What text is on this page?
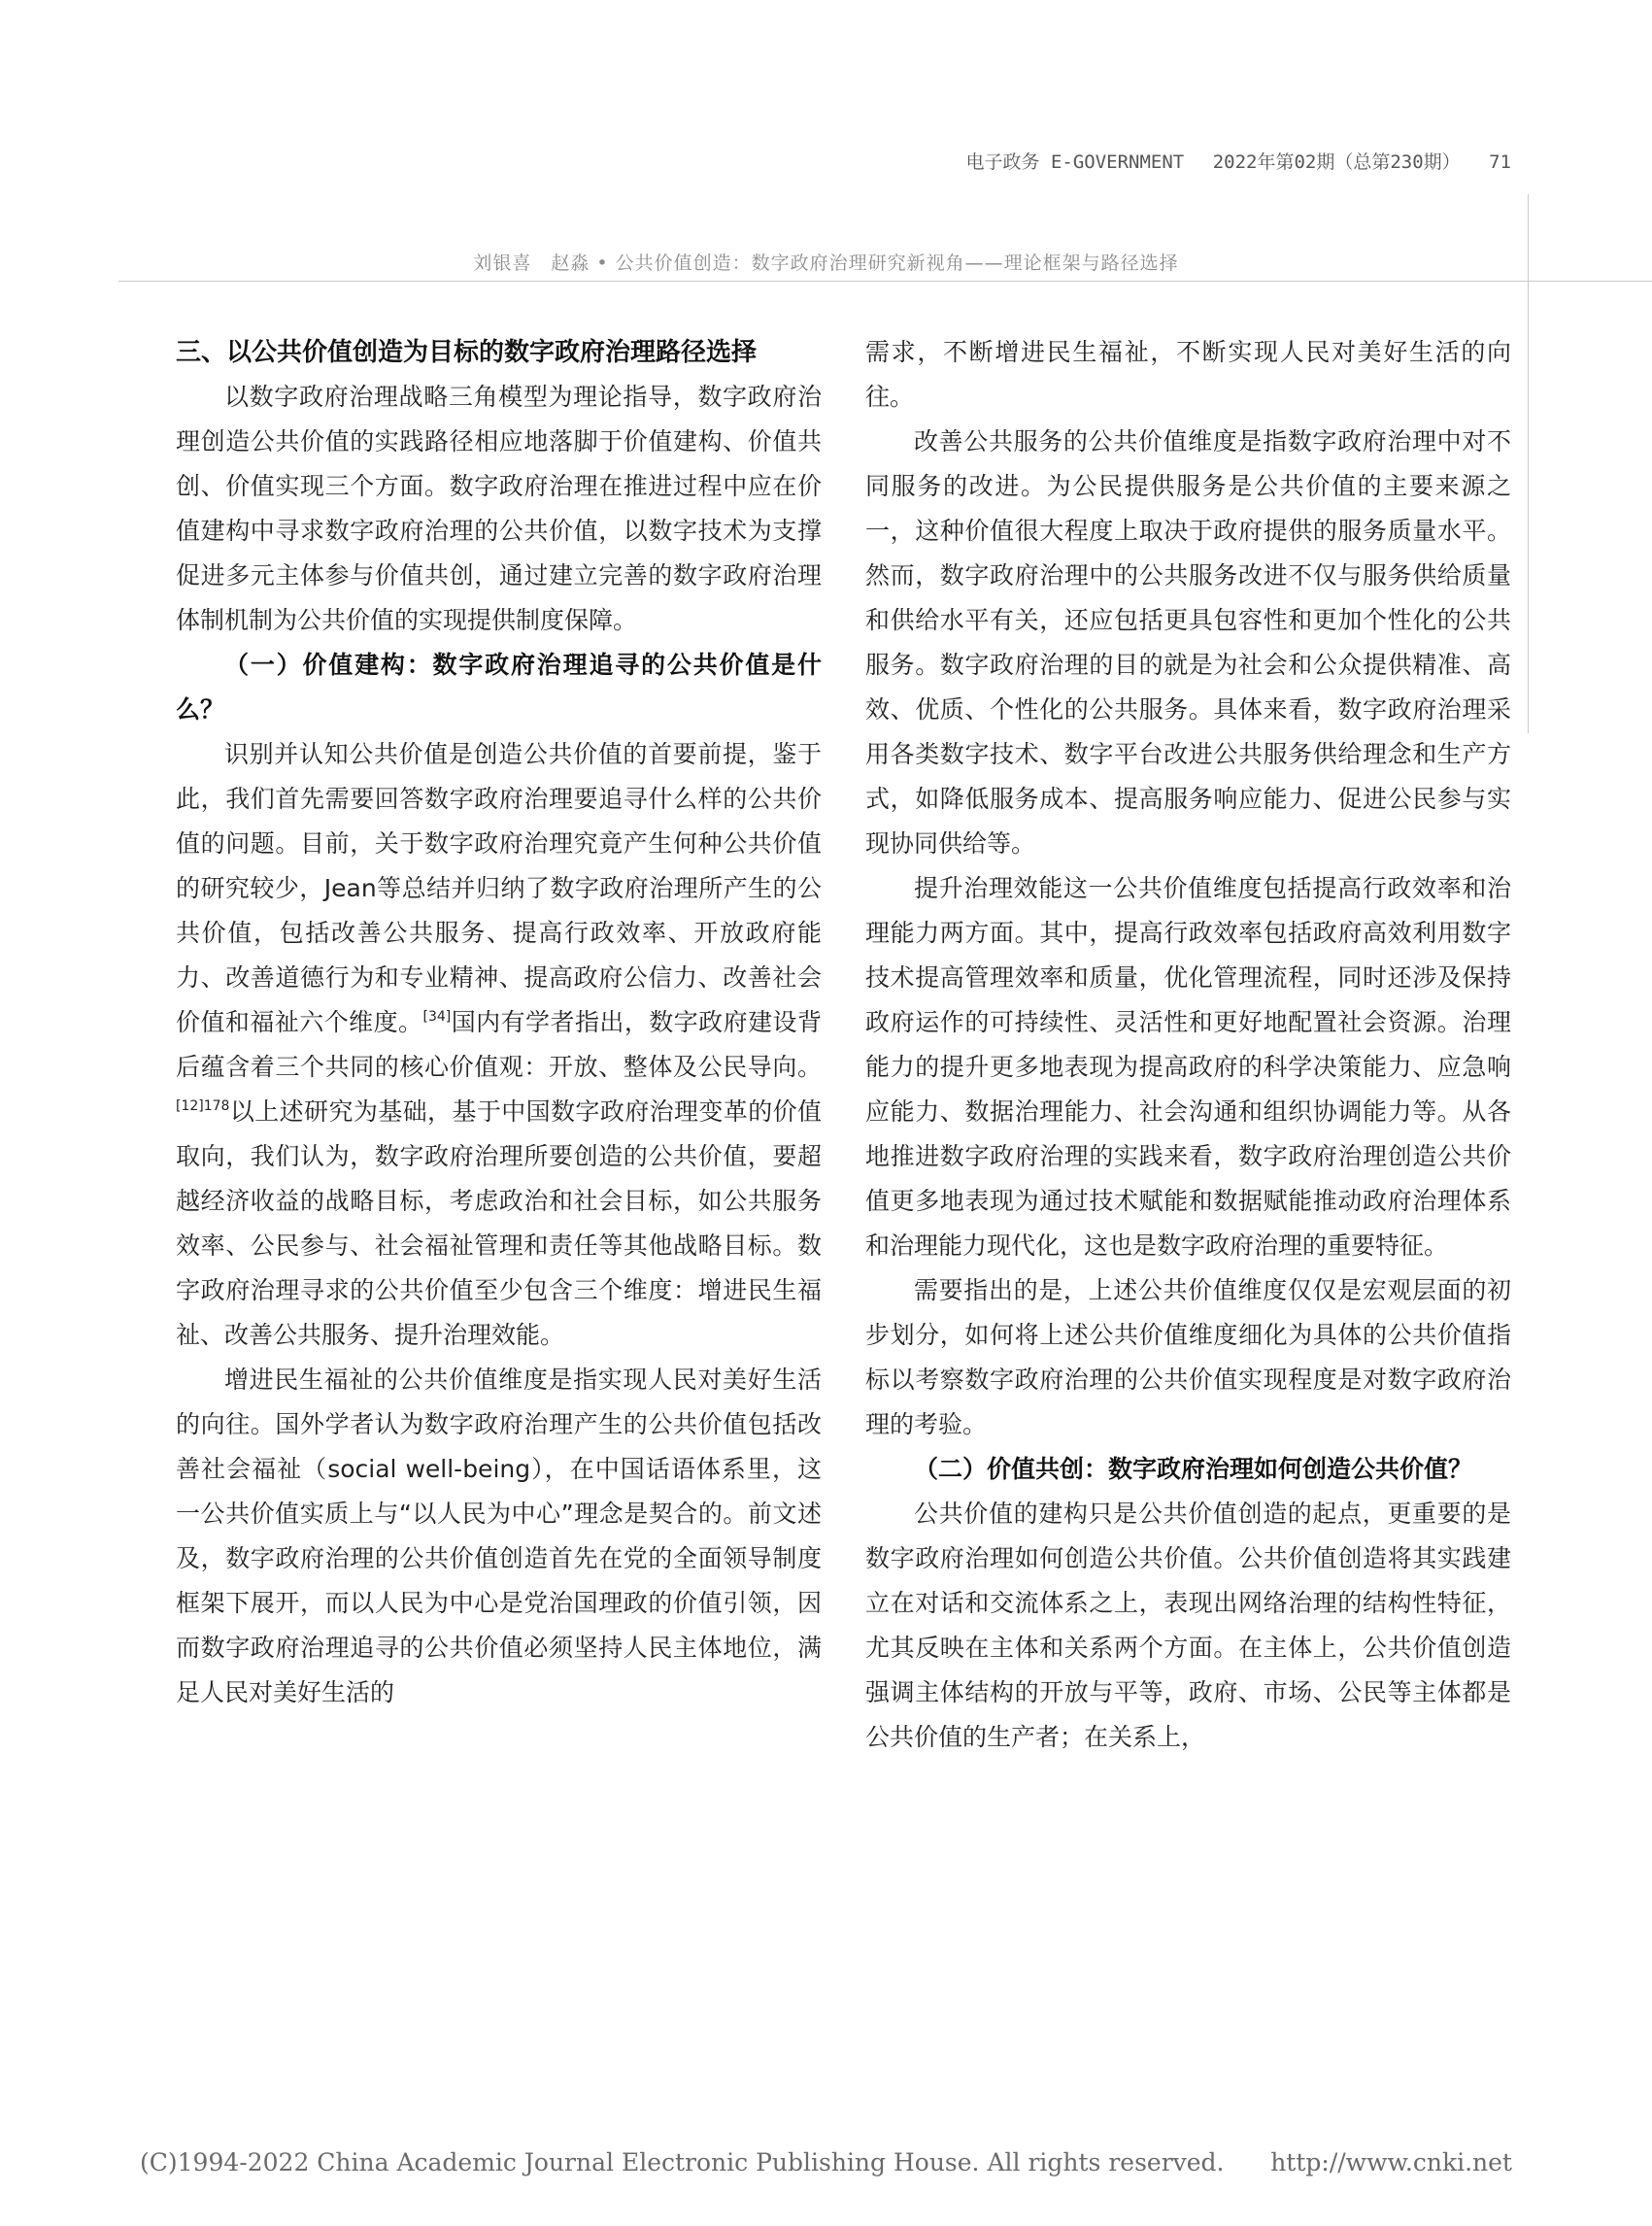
电子政务 E-GOVERNMENT 2022年第02期（总第230期） 71
刘银喜　赵淼 • 公共价值创造：数字政府治理研究新视角——理论框架与路径选择

三、以公共价值创造为目标的数字政府治理路径选择

以数字政府治理战略三角模型为理论指导，数字政府治理创造公共价值的实践路径相应地落脚于价值建构、价值共创、价值实现三个方面。数字政府治理在推进过程中应在价值建构中寻求数字政府治理的公共价值，以数字技术为支撑促进多元主体参与价值共创，通过建立完善的数字政府治理体制机制为公共价值的实现提供制度保障。

（一）价值建构：数字政府治理追寻的公共价值是什么？

识别并认知公共价值是创造公共价值的首要前提，鉴于此，我们首先需要回答数字政府治理要追寻什么样的公共价值的问题。目前，关于数字政府治理究竟产生何种公共价值的研究较少，Jean等总结并归纳了数字政府治理所产生的公共价值，包括改善公共服务、提高行政效率、开放政府能力、改善道德行为和专业精神、提高政府公信力、改善社会价值和福祉六个维度。[34]国内有学者指出，数字政府建设背后蕴含着三个共同的核心价值观：开放、整体及公民导向。$^{[12]178}$以上述研究为基础，基于中国数字政府治理变革的价值取向，我们认为，数字政府治理所要创造的公共价值，要超越经济收益的战略目标，考虑政治和社会目标，如公共服务效率、公民参与、社会福祉管理和责任等其他战略目标。数字政府治理寻求的公共价值至少包含三个维度：增进民生福祉、改善公共服务、提升治理效能。

增进民生福祉的公共价值维度是指实现人民对美好生活的向往。国外学者认为数字政府治理产生的公共价值包括改善社会福祉（social well-being），在中国话语体系里，这一公共价值实质上与“以人民为中心”理念是契合的。前文述及，数字政府治理的公共价值创造首先在党的全面领导制度框架下展开，而以人民为中心是党治国理政的价值引领，因而数字政府治理追寻的公共价值必须坚持人民主体地位，满足人民对美好生活的

需求，不断增进民生福祉，不断实现人民对美好生活的向往。

改善公共服务的公共价值维度是指数字政府治理中对不同服务的改进。为公民提供服务是公共价值的主要来源之一，这种价值很大程度上取决于政府提供的服务质量水平。然而，数字政府治理中的公共服务改进不仅与服务供给质量和供给水平有关，还应包括更具包容性和更加个性化的公共服务。数字政府治理的目的就是为社会和公众提供精准、高效、优质、个性化的公共服务。具体来看，数字政府治理采用各类数字技术、数字平台改进公共服务供给理念和生产方式，如降低服务成本、提高服务响应能力、促进公民参与实现协同供给等。

提升治理效能这一公共价值维度包括提高行政效率和治理能力两方面。其中，提高行政效率包括政府高效利用数字技术提高管理效率和质量，优化管理流程，同时还涉及保持政府运作的可持续性、灵活性和更好地配置社会资源。治理能力的提升更多地表现为提高政府的科学决策能力、应急响应能力、数据治理能力、社会沟通和组织协调能力等。从各地推进数字政府治理的实践来看，数字政府治理创造公共价值更多地表现为通过技术赋能和数据赋能推动政府治理体系和治理能力现代化，这也是数字政府治理的重要特征。

需要指出的是，上述公共价值维度仅仅是宏观层面的初步划分，如何将上述公共价值维度细化为具体的公共价值指标以考察数字政府治理的公共价值实现程度是对数字政府治理的考验。

（二）价值共创：数字政府治理如何创造公共价值？

公共价值的建构只是公共价值创造的起点，更重要的是数字政府治理如何创造公共价值。公共价值创造将其实践建立在对话和交流体系之上，表现出网络治理的结构性特征，尤其反映在主体和关系两个方面。在主体上，公共价值创造强调主体结构的开放与平等，政府、市场、公民等主体都是公共价值的生产者；在关系上，

(C)1994-2022 China Academic Journal Electronic Publishing House. All rights reserved. http://www.cnki.net
